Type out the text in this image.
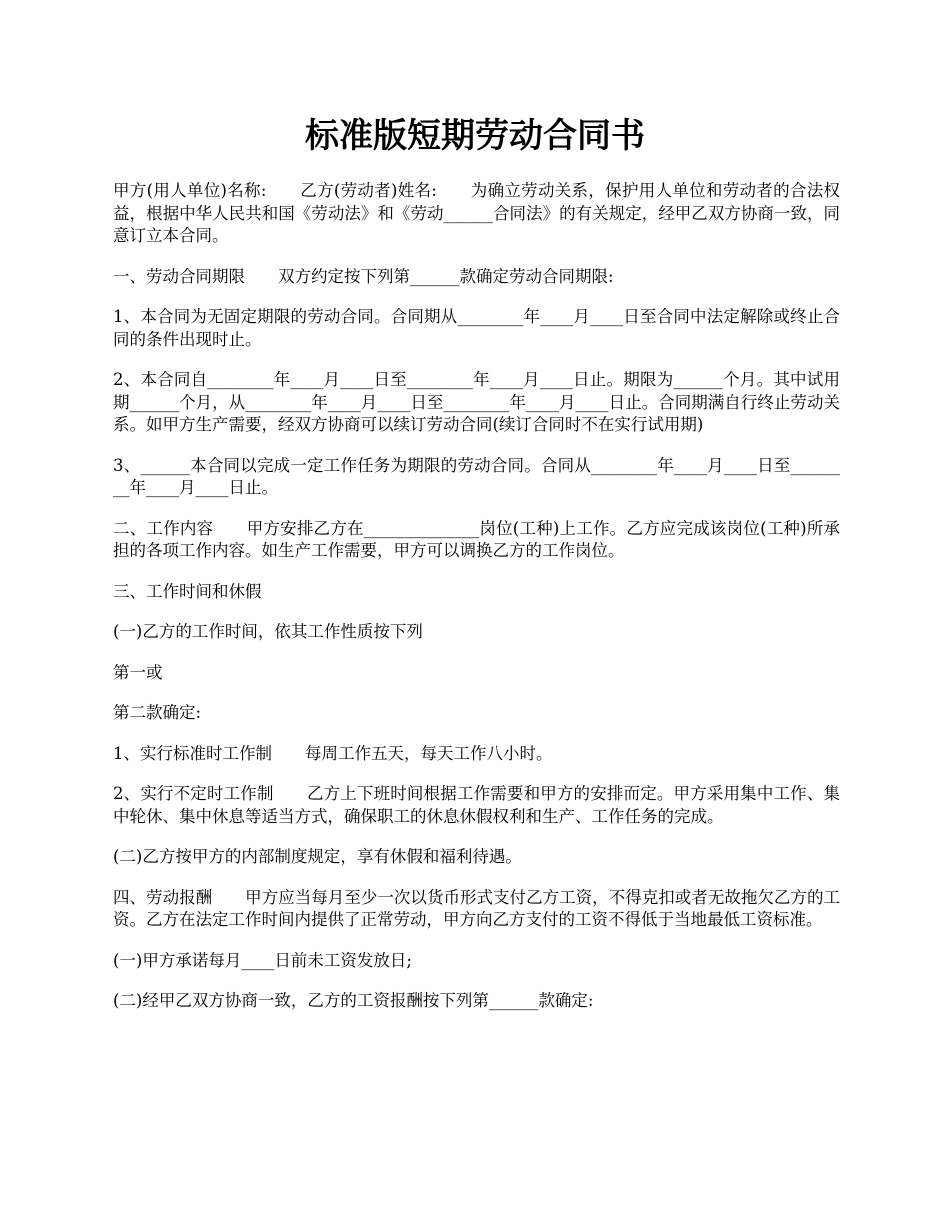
标准版短期劳动合同书

甲方(用人单位)名称:　　乙方(劳动者)姓名:　　为确立劳动关系，保护用人单位和劳动者的合法权益，根据中华人民共和国《劳动法》和《劳动______合同法》的有关规定，经甲乙双方协商一致，同意订立本合同。

一、劳动合同期限　　双方约定按下列第______款确定劳动合同期限:

1、本合同为无固定期限的劳动合同。合同期从________年____月____日至合同中法定解除或终止合同的条件出现时止。

2、本合同自________年____月____日至________年____月____日止。期限为______个月。其中试用期______个月，从________年____月____日至________年____月____日止。合同期满自行终止劳动关系。如甲方生产需要，经双方协商可以续订劳动合同(续订合同时不在实行试用期)

3、______本合同以完成一定工作任务为期限的劳动合同。合同从________年____月____日至________年____月____日止。

二、工作内容　　甲方安排乙方在______________岗位(工种)上工作。乙方应完成该岗位(工种)所承担的各项工作内容。如生产工作需要，甲方可以调换乙方的工作岗位。

三、工作时间和休假

(一)乙方的工作时间，依其工作性质按下列

第一或

第二款确定:

1、实行标准时工作制　　每周工作五天，每天工作八小时。

2、实行不定时工作制　　乙方上下班时间根据工作需要和甲方的安排而定。甲方采用集中工作、集中轮休、集中休息等适当方式，确保职工的休息休假权利和生产、工作任务的完成。

(二)乙方按甲方的内部制度规定，享有休假和福利待遇。

四、劳动报酬　　甲方应当每月至少一次以货币形式支付乙方工资，不得克扣或者无故拖欠乙方的工资。乙方在法定工作时间内提供了正常劳动，甲方向乙方支付的工资不得低于当地最低工资标准。

(一)甲方承诺每月____日前未工资发放日;

(二)经甲乙双方协商一致，乙方的工资报酬按下列第______款确定:
